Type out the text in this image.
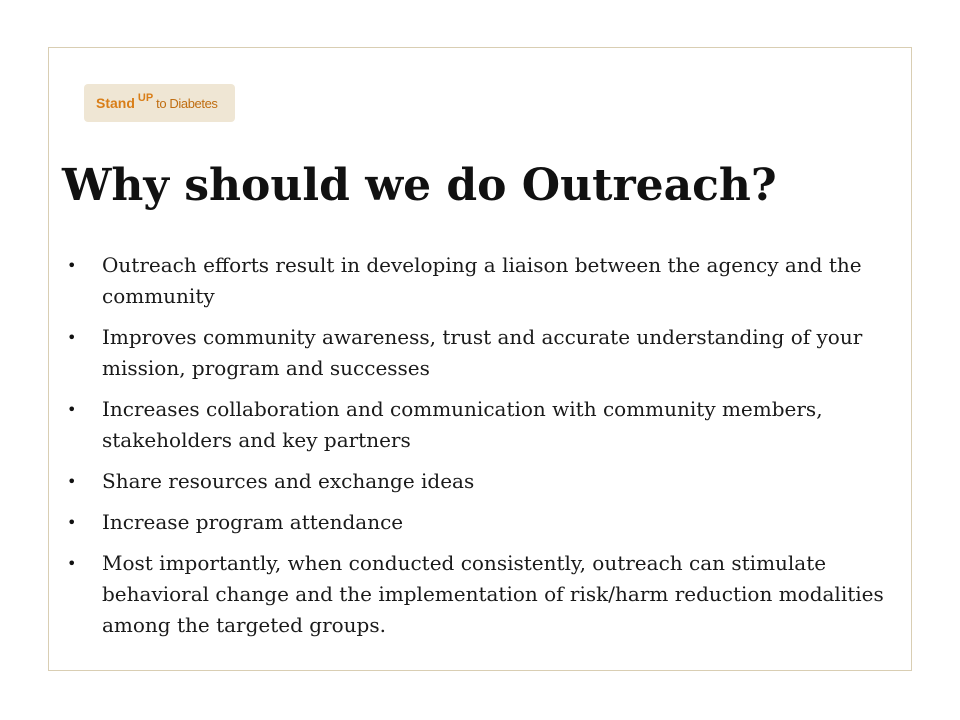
Stand UP to Diabetes
Why should we do Outreach?
• Outreach efforts result in developing a liaison between the agency and the community
• Improves community awareness, trust and accurate understanding of your mission, program and successes
• Increases collaboration and communication with community members, stakeholders and key partners
• Share resources and exchange ideas
• Increase program attendance
• Most importantly, when conducted consistently, outreach can stimulate behavioral change and the implementation of risk/harm reduction modalities among the targeted groups.
